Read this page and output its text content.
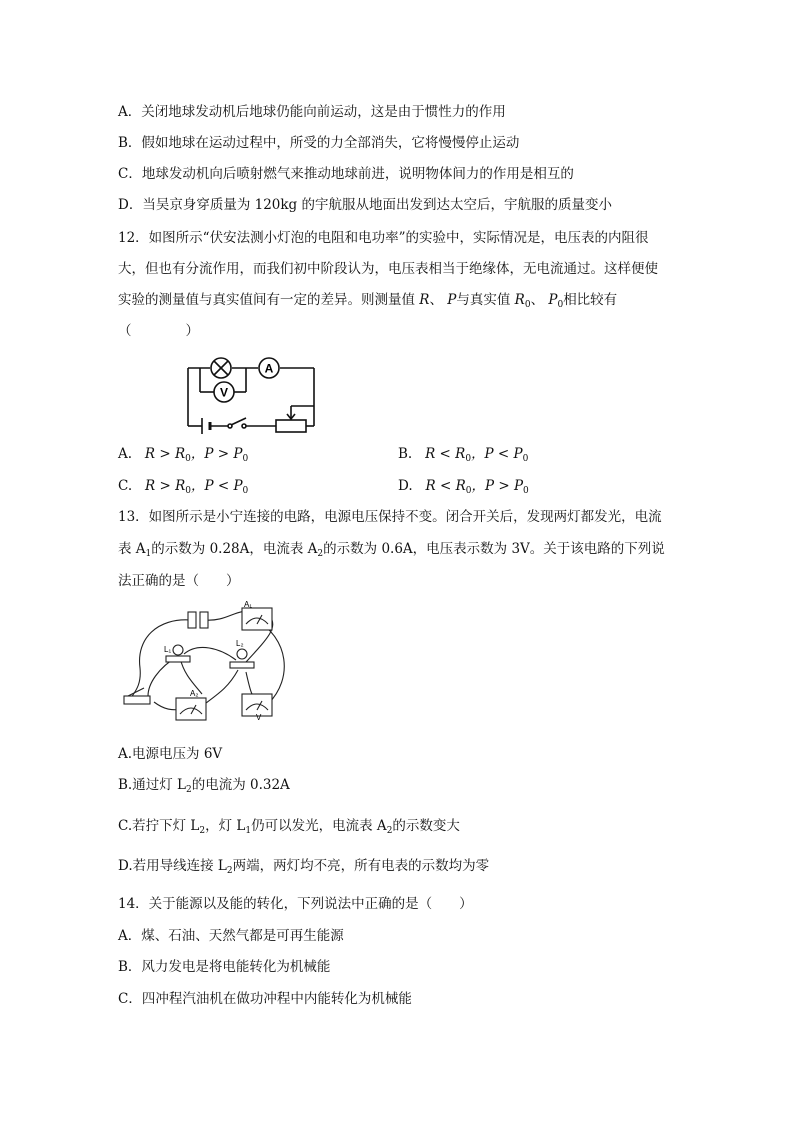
A．关闭地球发动机后地球仍能向前运动，这是由于惯性力的作用
B．假如地球在运动过程中，所受的力全部消失，它将慢慢停止运动
C．地球发动机向后喷射燃气来推动地球前进，说明物体间力的作用是相互的
D．当吴京身穿质量为 120kg 的宇航服从地面出发到达太空后，宇航服的质量变小
12．如图所示“伏安法测小灯泡的电阻和电功率”的实验中，实际情况是，电压表的内阻很
大，但也有分流作用，而我们初中阶段认为，电压表相当于绝缘体，无电流通过。这样便使
实验的测量值与真实值间有一定的差异。则测量值 R、 P与真实值 $R_0$、 $P_0$相比较有
（　　　　）
A
V
A. $R > R_0$，$P > P_0$	B. $R < R_0$，$P < P_0$
C. $R > R_0$，$P < P_0$	D. $R < R_0$，$P > P_0$
13．如图所示是小宁连接的电路，电源电压保持不变。闭合开关后，发现两灯都发光，电流
表 $A_1$的示数为 0.28A，电流表 $A_2$的示数为 0.6A，电压表示数为 3V。关于该电路的下列说
法正确的是（　　）
A₁
L₁
L₂
A₂
V
A.电源电压为 6V
B.通过灯 $L_2$的电流为 0.32A
C.若拧下灯 $L_2$，灯 $L_1$仍可以发光，电流表 $A_2$的示数变大
D.若用导线连接 $L_2$两端，两灯均不亮，所有电表的示数均为零
14．关于能源以及能的转化，下列说法中正确的是（　　）
A．煤、石油、天然气都是可再生能源
B．风力发电是将电能转化为机械能
C．四冲程汽油机在做功冲程中内能转化为机械能
